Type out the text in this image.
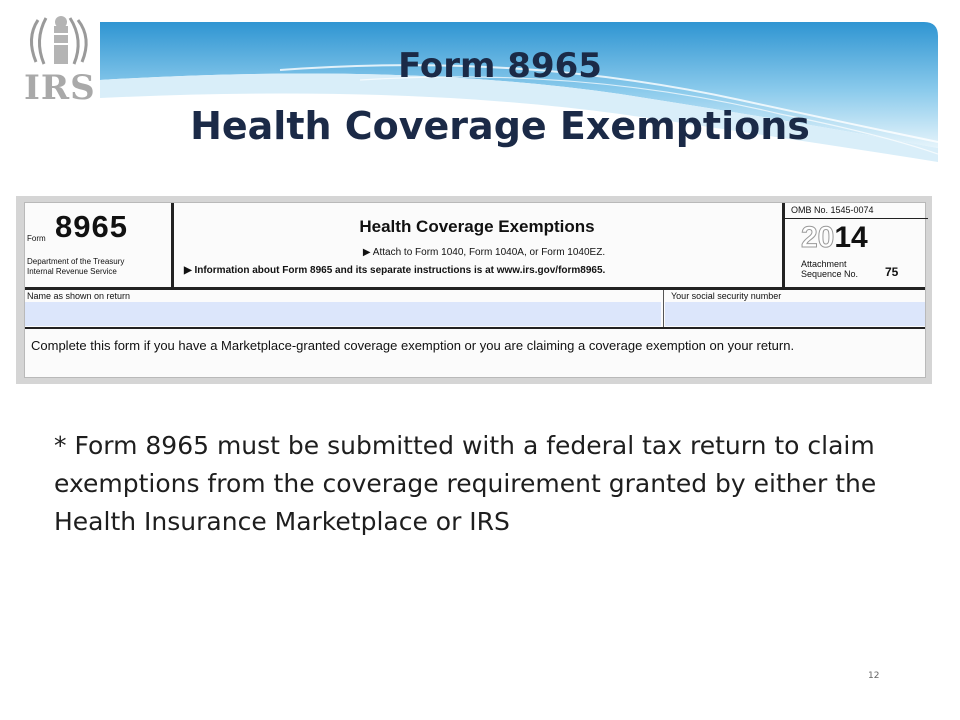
IRS
Form 8965
Health Coverage Exemptions
Form 8965
Department of the Treasury
Internal Revenue Service
Health Coverage Exemptions
▶ Attach to Form 1040, Form 1040A, or Form 1040EZ.
▶ Information about Form 8965 and its separate instructions is at www.irs.gov/form8965.
OMB No. 1545-0074
2014
Attachment
Sequence No. 75
Name as shown on return	Your social security number
Complete this form if you have a Marketplace-granted coverage exemption or you are claiming a coverage exemption on your return.
* Form 8965 must be submitted with a federal tax return to claim exemptions from the coverage requirement granted by either the Health Insurance Marketplace or IRS
12
